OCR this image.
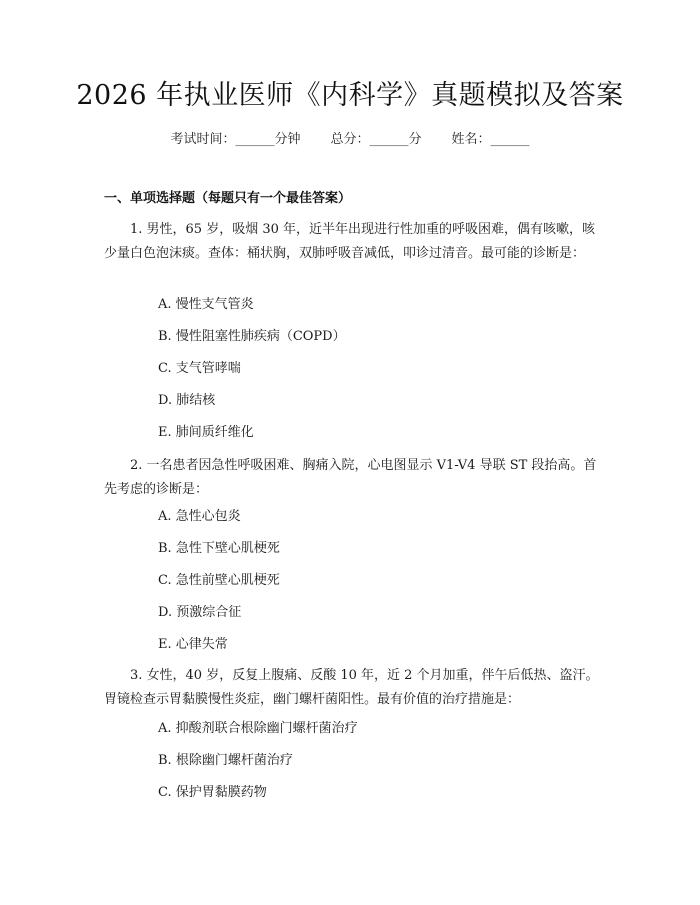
2026 年执业医师《内科学》真题模拟及答案
考试时间：______分钟 总分：______分 姓名：______
一、单项选择题（每题只有一个最佳答案）
1. 男性，65 岁，吸烟 30 年，近半年出现进行性加重的呼吸困难，偶有咳嗽，咳少量白色泡沫痰。查体：桶状胸，双肺呼吸音减低，叩诊过清音。最可能的诊断是：
A. 慢性支气管炎
B. 慢性阻塞性肺疾病（COPD）
C. 支气管哮喘
D. 肺结核
E. 肺间质纤维化
2. 一名患者因急性呼吸困难、胸痛入院，心电图显示 V1-V4 导联 ST 段抬高。首先考虑的诊断是：
A. 急性心包炎
B. 急性下壁心肌梗死
C. 急性前壁心肌梗死
D. 预激综合征
E. 心律失常
3. 女性，40 岁，反复上腹痛、反酸 10 年，近 2 个月加重，伴午后低热、盗汗。胃镜检查示胃黏膜慢性炎症，幽门螺杆菌阳性。最有价值的治疗措施是：
A. 抑酸剂联合根除幽门螺杆菌治疗
B. 根除幽门螺杆菌治疗
C. 保护胃黏膜药物
